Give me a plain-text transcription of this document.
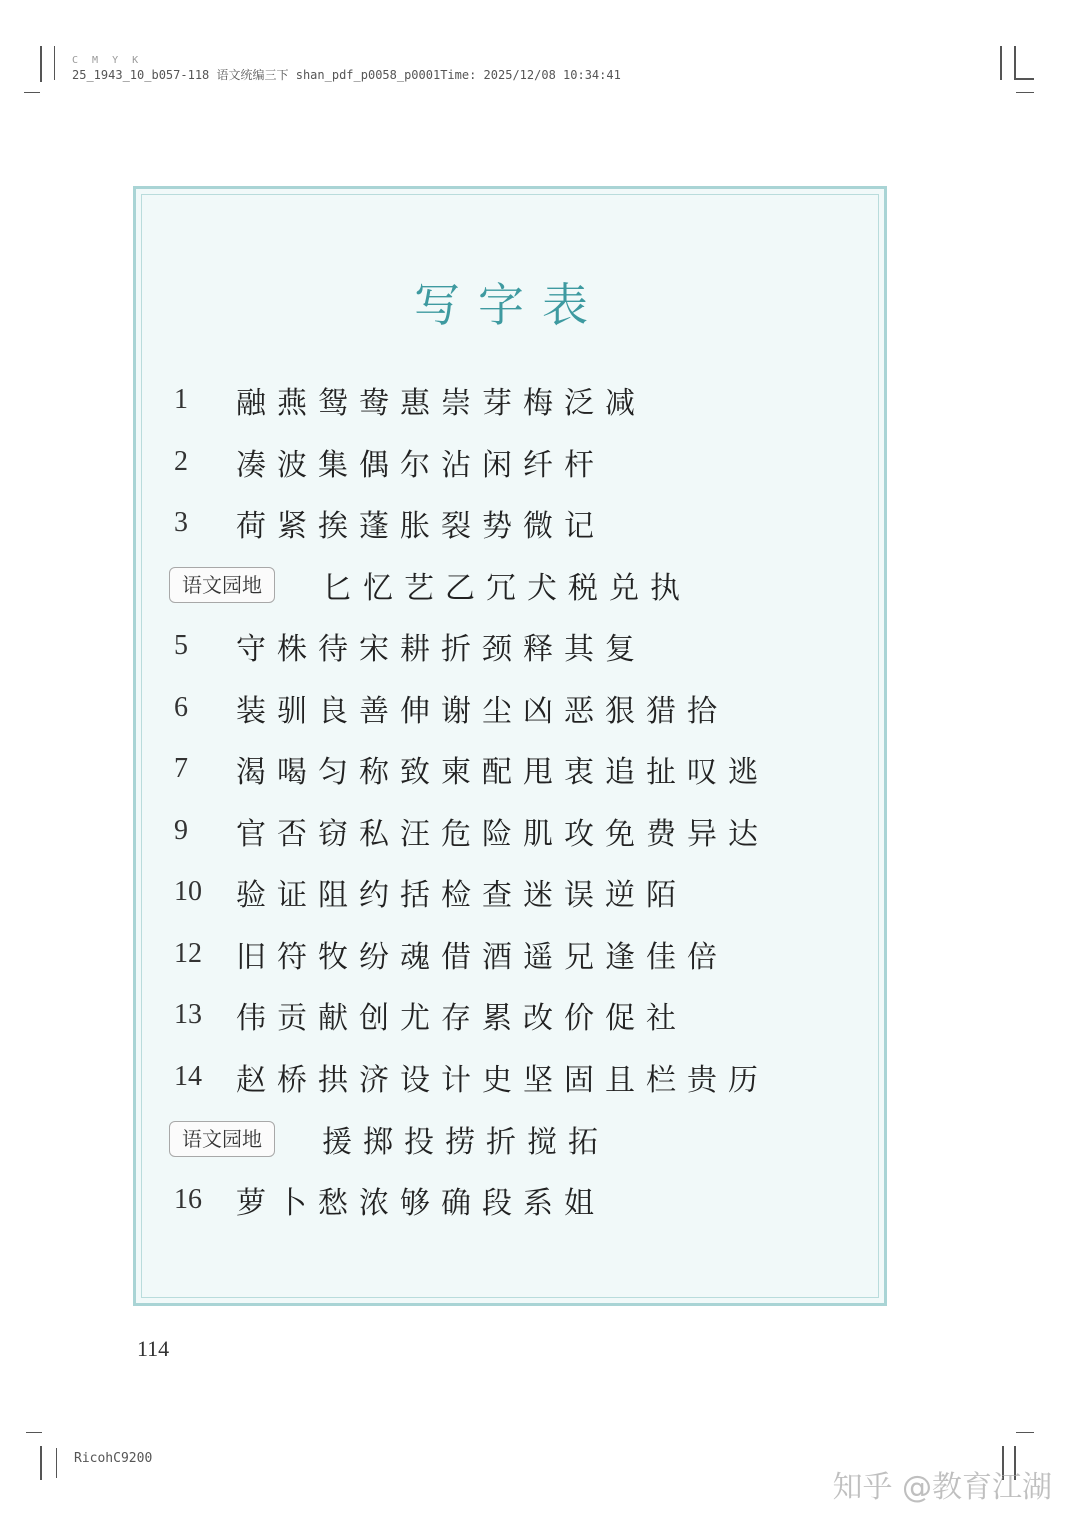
C M Y K
25_1943_10_b057-118 语文统编三下 shan_pdf_p0058_p0001Time: 2025/12/08 10:34:41
写字表
1	融燕鸳鸯惠崇芽梅泛减
2	凑波集偶尔沾闲纤杆
3	荷紧挨蓬胀裂势微记
语文园地	匕忆艺乙冗犬税兑执
5	守株待宋耕折颈释其复
6	装驯良善伸谢尘凶恶狠猎拾
7	渴喝匀称致柬配甩衷追扯叹逃
9	官否窃私汪危险肌攻免费异达
10	验证阻约括检查迷误逆陌
12	旧符牧纷魂借酒遥兄逢佳倍
13	伟贡献创尤存累改价促社
14	赵桥拱济设计史坚固且栏贵历
语文园地	援掷投捞折搅拓
16	萝卜愁浓够确段系姐
114
RicohC9200
知乎 @教育江湖
